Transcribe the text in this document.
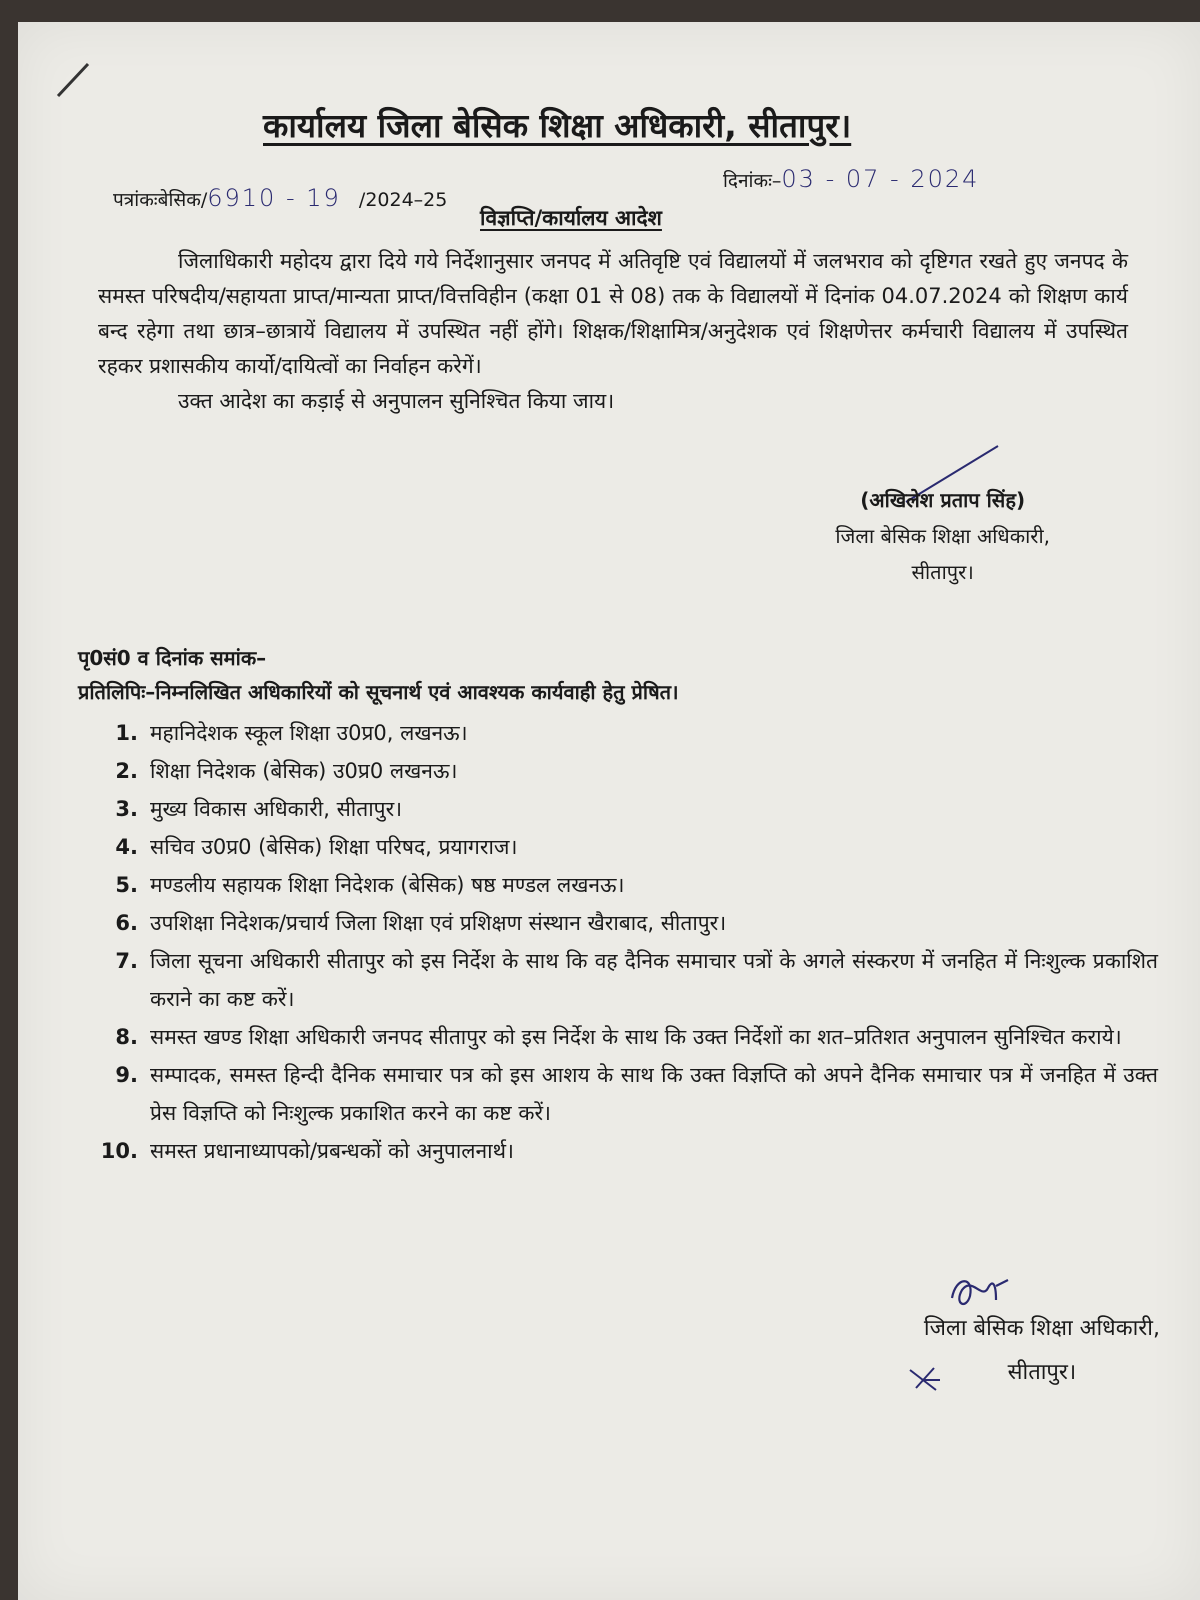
कार्यालय जिला बेसिक शिक्षा अधिकारी, सीतापुर।
पत्रांकःबेसिक/6910 - 19 /2024–25
दिनांकः–03 - 07 - 2024
विज्ञप्ति/कार्यालय आदेश

जिलाधिकारी महोदय द्वारा दिये गये निर्देशानुसार जनपद में अतिवृष्टि एवं विद्यालयों में जलभराव को दृष्टिगत रखते हुए जनपद के समस्त परिषदीय/सहायता प्राप्त/मान्यता प्राप्त/वित्तविहीन (कक्षा 01 से 08) तक के विद्यालयों में दिनांक 04.07.2024 को शिक्षण कार्य बन्द रहेगा तथा छात्र–छात्रायें विद्यालय में उपस्थित नहीं होंगे। शिक्षक/शिक्षामित्र/अनुदेशक एवं शिक्षणेत्तर कर्मचारी विद्यालय में उपस्थित रहकर प्रशासकीय कार्यो/दायित्वों का निर्वाहन करेगें।

उक्त आदेश का कड़ाई से अनुपालन सुनिश्चित किया जाय।

(अखिलेश प्रताप सिंह)
जिला बेसिक शिक्षा अधिकारी,
सीतापुर।
पृ0सं0 व दिनांक समांक–
प्रतिलिपिः–निम्नलिखित अधिकारियों को सूचनार्थ एवं आवश्यक कार्यवाही हेतु प्रेषित।
1. महानिदेशक स्कूल शिक्षा उ0प्र0, लखनऊ।
2. शिक्षा निदेशक (बेसिक) उ0प्र0 लखनऊ।
3. मुख्य विकास अधिकारी, सीतापुर।
4. सचिव उ0प्र0 (बेसिक) शिक्षा परिषद, प्रयागराज।
5. मण्डलीय सहायक शिक्षा निदेशक (बेसिक) षष्ठ मण्डल लखनऊ।
6. उपशिक्षा निदेशक/प्रचार्य जिला शिक्षा एवं प्रशिक्षण संस्थान खैराबाद, सीतापुर।
7. जिला सूचना अधिकारी सीतापुर को इस निर्देश के साथ कि वह दैनिक समाचार पत्रों के अगले संस्करण में जनहित में निःशुल्क प्रकाशित कराने का कष्ट करें।
8. समस्त खण्ड शिक्षा अधिकारी जनपद सीतापुर को इस निर्देश के साथ कि उक्त निर्देशों का शत–प्रतिशत अनुपालन सुनिश्चित कराये।
9. सम्पादक, समस्त हिन्दी दैनिक समाचार पत्र को इस आशय के साथ कि उक्त विज्ञप्ति को अपने दैनिक समाचार पत्र में जनहित में उक्त प्रेस विज्ञप्ति को निःशुल्क प्रकाशित करने का कष्ट करें।
10. समस्त प्रधानाध्यापको/प्रबन्धकों को अनुपालनार्थ।
जिला बेसिक शिक्षा अधिकारी,
सीतापुर।
